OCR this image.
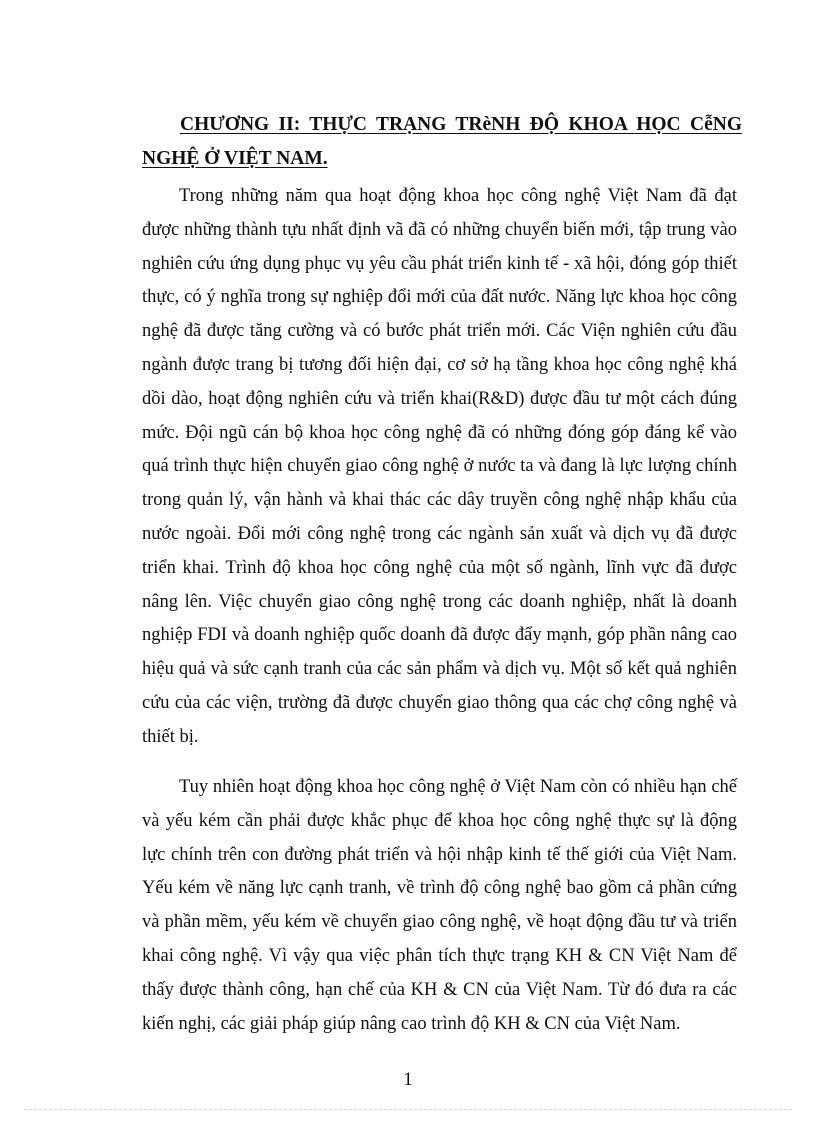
CHƯƠNG II: THỰC TRẠNG TRèNH ĐỘ KHOA HỌC CễNG
NGHỆ Ở VIỆT NAM.

Trong những năm qua hoạt động khoa học công nghệ Việt Nam đã đạt được những thành tựu nhất định vã đã có những chuyển biến mới, tập trung vào nghiên cứu ứng dụng phục vụ yêu cầu phát triển kinh tế - xã hội, đóng góp thiết thực, có ý nghĩa trong sự nghiệp đổi mới của đất nước. Năng lực khoa học công nghệ đã được tăng cường và có bước phát triển mới. Các Viện nghiên cứu đầu ngành được trang bị tương đối hiện đại, cơ sở hạ tầng khoa học công nghệ khá dồi dào, hoạt động nghiên cứu và triển khai(R&D) được đầu tư một cách đúng mức. Đội ngũ cán bộ khoa học công nghệ đã có những đóng góp đáng kể vào quá trình thực hiện chuyển giao công nghệ ở nước ta và đang là lực lượng chính trong quản lý, vận hành và khai thác các dây truyền công nghệ nhập khẩu của nước ngoài. Đổi mới công nghệ trong các ngành sản xuất và dịch vụ đã được triển khai. Trình độ khoa học công nghệ của một số ngành, lĩnh vực đã được nâng lên. Việc chuyển giao công nghệ trong các doanh nghiệp, nhất là doanh nghiệp FDI và doanh nghiệp quốc doanh đã được đẩy mạnh, góp phần nâng cao hiệu quả và sức cạnh tranh của các sản phẩm và dịch vụ. Một số kết quả nghiên cứu của các viện, trường đã được chuyển giao thông qua các chợ công nghệ và thiết bị.

Tuy nhiên hoạt động khoa học công nghệ ở Việt Nam còn có nhiều hạn chế và yếu kém cần phải được khắc phục để khoa học công nghệ thực sự là động lực chính trên con đường phát triển và hội nhập kinh tế thế giới của Việt Nam. Yếu kém về năng lực cạnh tranh, về trình độ công nghệ bao gồm cả phần cứng và phần mềm, yếu kém về chuyển giao công nghệ, về hoạt động đầu tư và triển khai công nghệ. Vì vậy qua việc phân tích thực trạng KH & CN Việt Nam để thấy được thành công, hạn chế của KH & CN của Việt Nam. Từ đó đưa ra các kiến nghị, các giải pháp giúp nâng cao trình độ KH & CN của Việt Nam.

1
